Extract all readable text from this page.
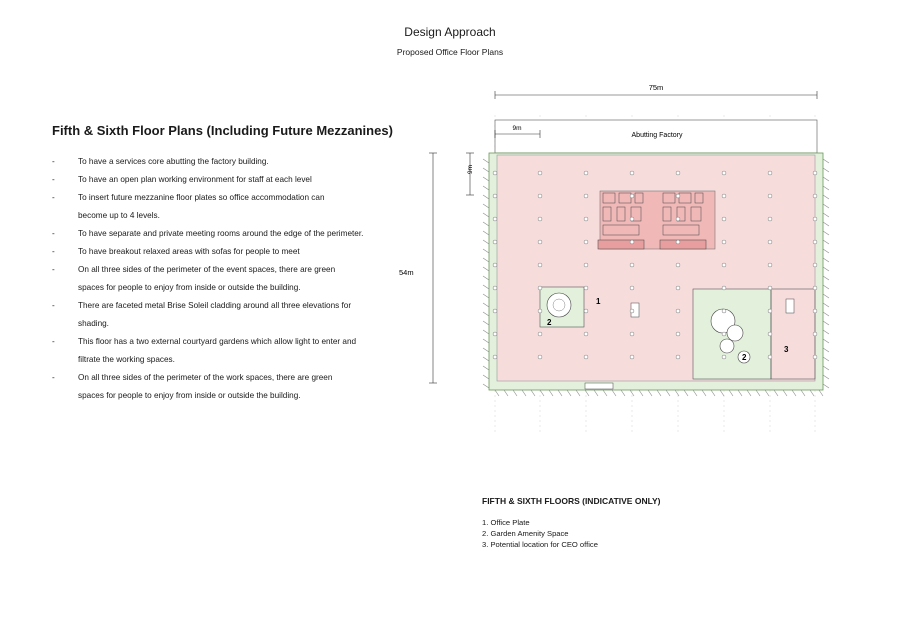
Design Approach
Proposed Office Floor Plans
Fifth & Sixth Floor Plans (Including Future Mezzanines)
-	To have a services core abutting the factory building.
-	To have an open plan working environment for staff at each level
-	To insert future mezzanine floor plates so office accommodation can become up to 4 levels.
-	To have separate and private meeting rooms around the edge of the perimeter.
-	To have breakout relaxed areas with sofas for people to meet
-	On all three sides of the perimeter of the event spaces, there are green spaces for people to enjoy from inside or outside the building.
-	There are faceted metal Brise Soleil cladding around all three elevations for shading.
-	This floor has a two external courtyard gardens which allow light to enter and filtrate the working spaces.
-	On all three sides of the perimeter of the work spaces, there are green spaces for people to enjoy from inside or outside the building.
75m
Abutting Factory
9m
2
1
2
3
54m
9m
FIFTH & SIXTH FLOORS (INDICATIVE ONLY)
1. Office Plate
2. Garden Amenity Space
3. Potential location for CEO office
